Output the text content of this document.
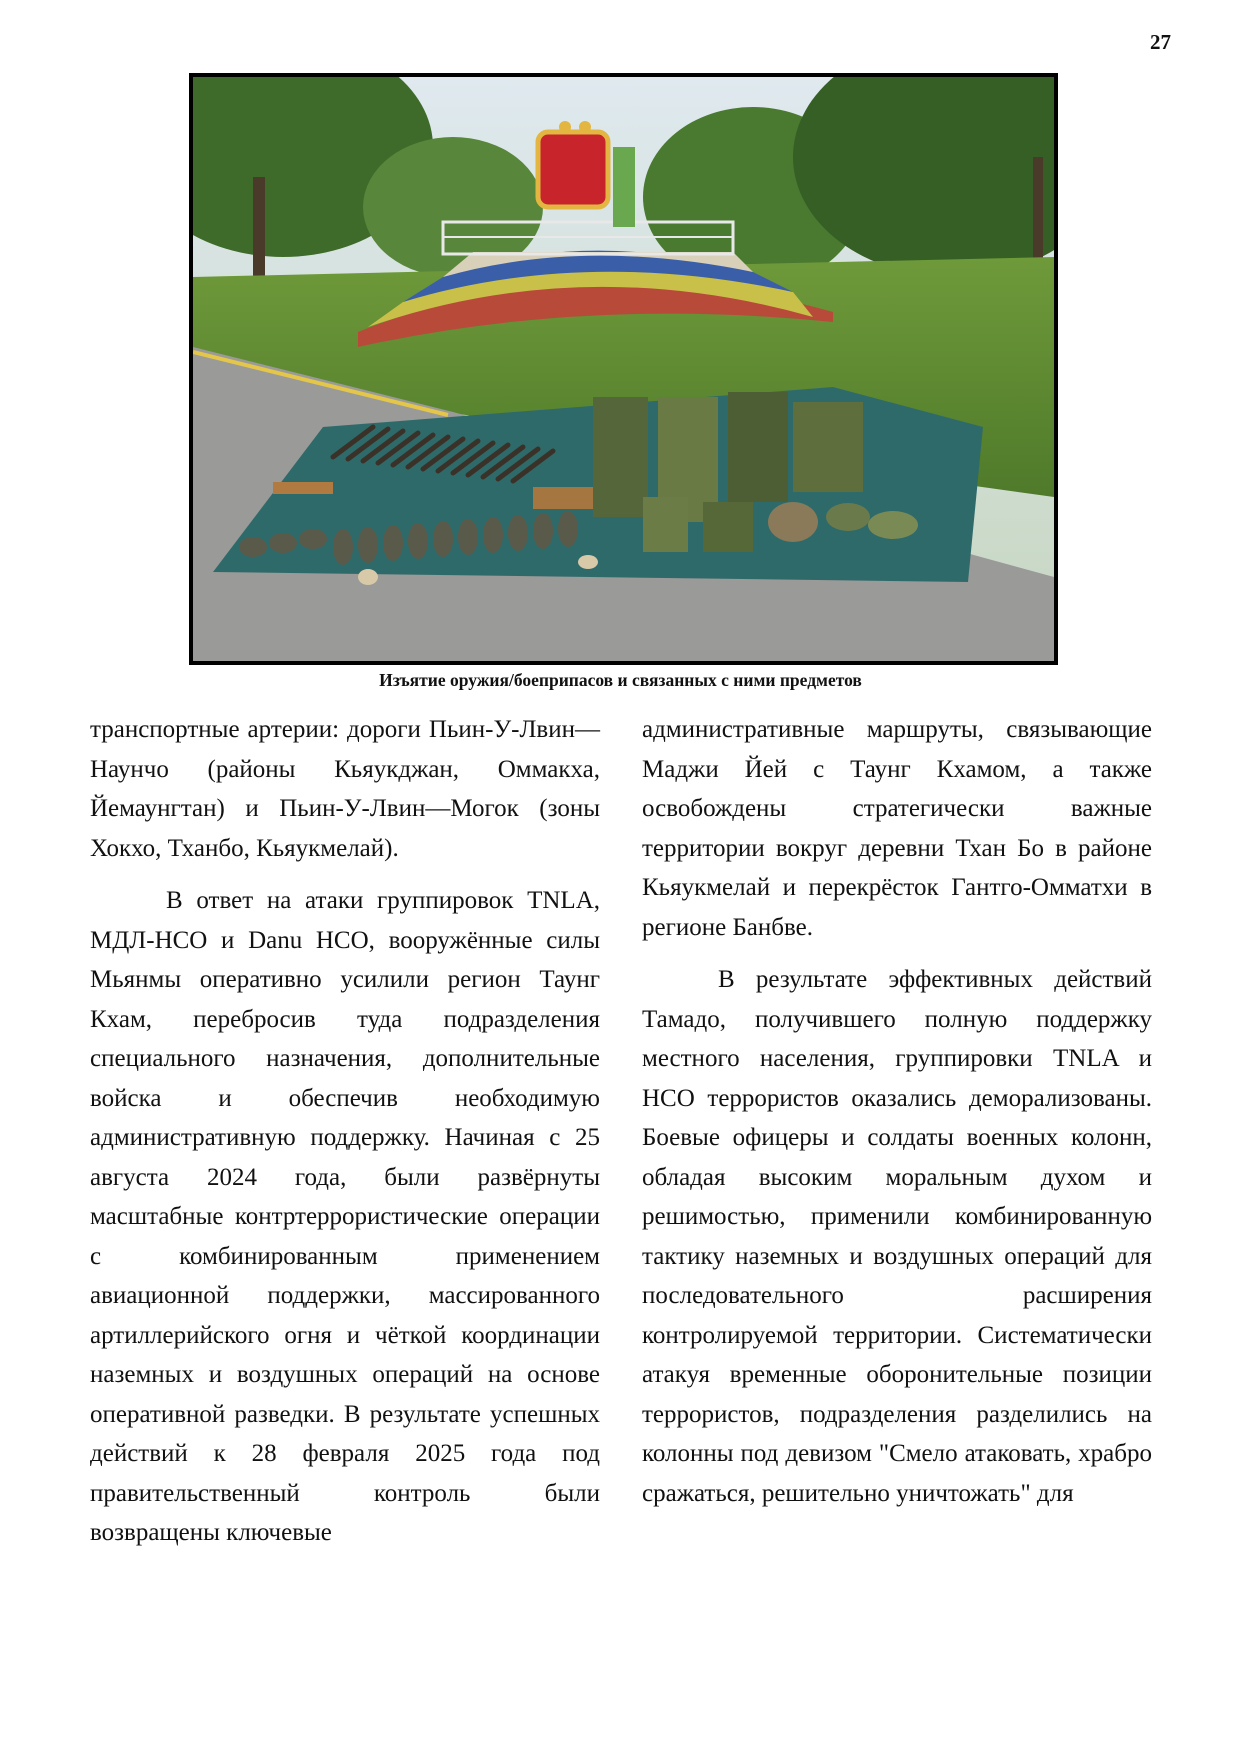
27
Изъятие оружия/боеприпасов и связанных с ними предметов

транспортные артерии: дороги Пьин-У-Лвин—Наунчо (районы Кьяукджан, Оммакха, Йемаунгтан) и Пьин-У-Лвин—Могок (зоны Хокхо, Тханбо, Кьяукмелай).

В ответ на атаки группировок TNLA, МДЛ-НСО и Danu НСО, вооружённые силы Мьянмы оперативно усилили регион Таунг Кхам, перебросив туда подразделения специального назначения, дополнительные войска и обеспечив необходимую административную поддержку. Начиная с 25 августа 2024 года, были развёрнуты масштабные контртеррористические операции с комбинированным применением авиационной поддержки, массированного артиллерийского огня и чёткой координации наземных и воздушных операций на основе оперативной разведки. В результате успешных действий к 28 февраля 2025 года под правительственный контроль были возвращены ключевые

административные маршруты, связывающие Маджи Йей с Таунг Кхамом, а также освобождены стратегически важные территории вокруг деревни Тхан Бо в районе Кьяукмелай и перекрёсток Гантго-Омматхи в регионе Банбве.

В результате эффективных действий Тамадо, получившего полную поддержку местного населения, группировки TNLA и НСО террористов оказались деморализованы. Боевые офицеры и солдаты военных колонн, обладая высоким моральным духом и решимостью, применили комбинированную тактику наземных и воздушных операций для последовательного расширения контролируемой территории. Систематически атакуя временные оборонительные позиции террористов, подразделения разделились на колонны под девизом "Смело атаковать, храбро сражаться, решительно уничтожать" для
